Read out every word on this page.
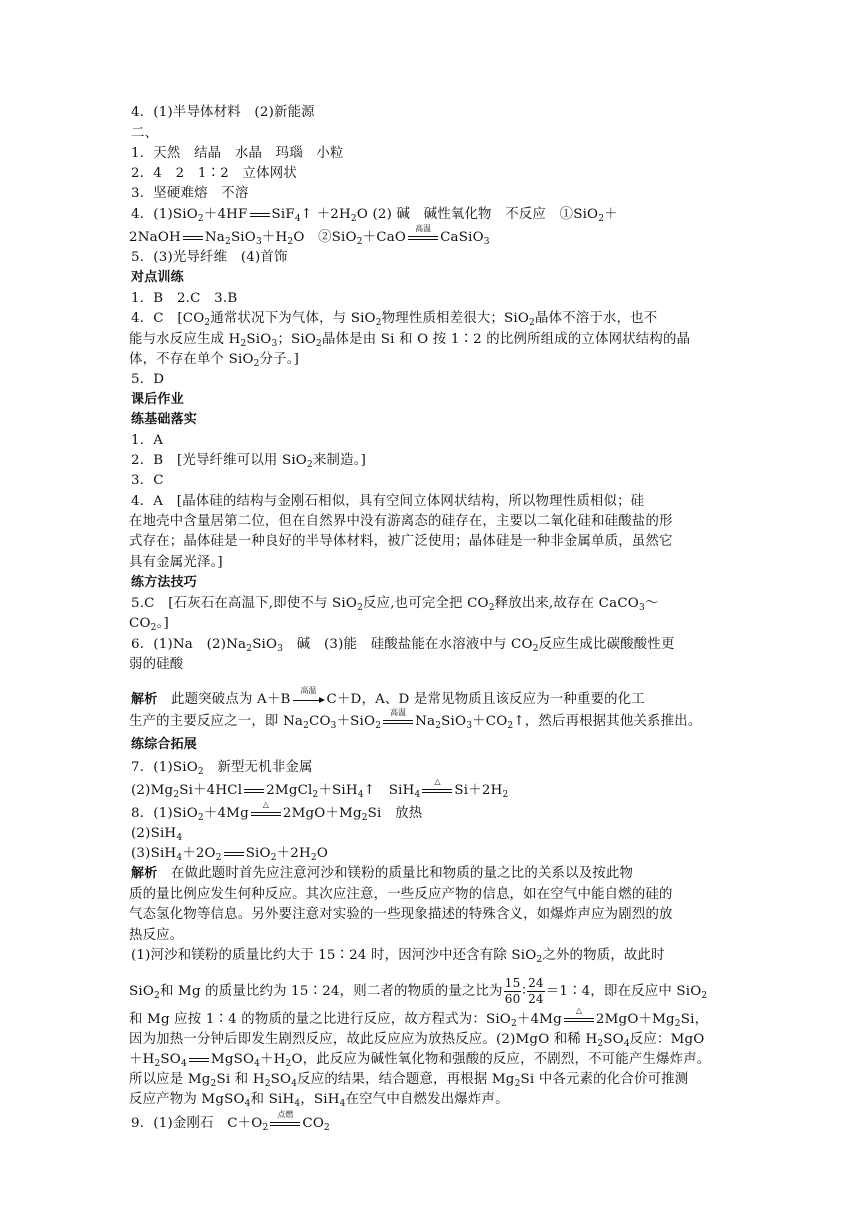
4．(1)半导体材料　(2)新能源
二、
1．天然　结晶　水晶　玛瑙　小粒
2．4　2　1∶2　立体网状
3．坚硬难熔　不溶
4．(1)SiO$_2$＋4HF SiF$_4$↑ $+2H_2O$ (2) 碱　碱性氧化物　不反应　①SiO$_2$＋
2NaOH $Na_2SiO_3+H_2O$　②SiO$_2$＋CaO
高温
CaSiO$_3$
5．(3)光导纤维　(4)首饰
对点训练
1．B　2.C　3.B
4．C　[$CO_2$通常状况下为气体，与 SiO$_2$物理性质相差很大；SiO$_2$晶体不溶于水，也不
能与水反应生成 $H_2SiO_3$；SiO$_2$晶体是由 Si 和 O 按 1∶2 的比例所组成的立体网状结构的晶
体，不存在单个 SiO$_2$分子。]
5．D
课后作业
练基础落实
1．A
2．B　[光导纤维可以用 SiO$_2$来制造。]
3．C
4．A　[晶体硅的结构与金刚石相似，具有空间立体网状结构，所以物理性质相似；硅
在地壳中含量居第二位，但在自然界中没有游离态的硅存在，主要以二氧化硅和硅酸盐的形
式存在；晶体硅是一种良好的半导体材料，被广泛使用；晶体硅是一种非金属单质，虽然它
具有金属光泽。]
练方法技巧
5.C　[石灰石在高温下,即使不与 SiO$_2$反应,也可完全把 $CO_2$释放出来,故存在 CaCO$_3$～
$CO_2$。]
6．(1)Na　$(2)Na_2SiO_3$　碱　(3)能　硅酸盐能在水溶液中与 $CO_2$反应生成比碳酸酸性更
弱的硅酸
解析　此题突破点为 A＋B
高温
C＋D，A、D 是常见物质且该反应为一种重要的化工
生产的主要反应之一，即 $Na_2CO_3+SiO_2$
高温
$Na_2SiO_3+CO_2↑$，然后再根据其他关系推出。
练综合拓展
7．(1)SiO$_2$　新型无机非金属
$(2)Mg_2Si+4HCl$ 2MgCl$_2$＋SiH$_4$↑　SiH$_4$
△
$Si+2H_2$
8．(1)SiO$_2$＋4Mg
△
$2MgO+Mg_2Si$　放热
(2)SiH$_4$
$(3)SiH_4+2O_2$ $SiO_2+2H_2O$
解析　在做此题时首先应注意河沙和镁粉的质量比和物质的量之比的关系以及按此物
质的量比例应发生何种反应。其次应注意，一些反应产物的信息，如在空气中能自燃的硅的
气态氢化物等信息。另外要注意对实验的一些现象描述的特殊含义，如爆炸声应为剧烈的放
热反应。
(1)河沙和镁粉的质量比约大于 15∶24 时，因河沙中还含有除 SiO$_2$之外的物质，故此时
SiO$_2$和 Mg 的质量比约为 15∶24，则二者的物质的量之比为 $\frac{15}{60}$ ∶ $\frac{24}{24}$ ＝1∶4，即在反应中 SiO$_2$
和 Mg 应按 1∶4 的物质的量之比进行反应，故方程式为：SiO$_2$＋4Mg
△
$2MgO+Mg_2Si$，
因为加热一分钟后即发生剧烈反应，故此反应应为放热反应。(2)MgO 和稀 $H_2SO_4$反应：MgO
$+H_2SO_4$ $MgSO_4+H_2O$，此反应为碱性氧化物和强酸的反应，不剧烈，不可能产生爆炸声。
所以应是 $Mg_2Si$ 和 $H_2SO_4$反应的结果，结合题意，再根据 $Mg_2Si$ 中各元素的化合价可推测
反应产物为 MgSO$_4$和 SiH$_4$，SiH$_4$在空气中自燃发出爆炸声。
9．(1)金刚石　$C+O_2$
点燃
$CO_2$
